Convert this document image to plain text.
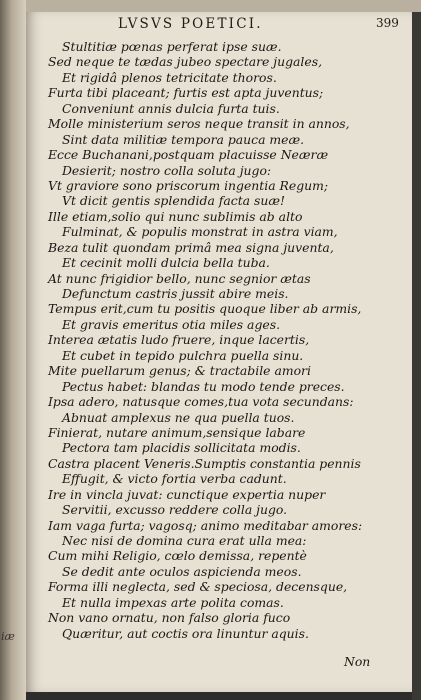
iæ
LVSVS POETICI.	399
Stultitiæ pœnas perferat ipse suæ.
Sed neque te tædas jubeo spectare jugales,
Et rigidâ plenos tetricitate thoros.
Furta tibi placeant; furtis est apta juventus;
Conveniunt annis dulcia furta tuis.
Molle ministerium seros neque transit in annos,
Sint data militiæ tempora pauca meæ.
Ecce Buchanani,postquam placuisse Neæræ
Desierit; nostro colla soluta jugo:
Vt graviore sono priscorum ingentia Regum;
Vt dicit gentis splendida facta suæ!
Ille etiam,solio qui nunc sublimis ab alto
Fulminat, & populis monstrat in astra viam,
Beza tulit quondam primâ mea signa juventa,
Et cecinit molli dulcia bella tuba.
At nunc frigidior bello, nunc segnior ætas
Defunctum castris jussit abire meis.
Tempus erit,cum tu positis quoque liber ab armis,
Et gravis emeritus otia miles ages.
Interea ætatis ludo fruere, inque lacertis,
Et cubet in tepido pulchra puella sinu.
Mite puellarum genus; & tractabile amori
Pectus habet: blandas tu modo tende preces.
Ipsa adero, natusque comes,tua vota secundans:
Abnuat amplexus ne qua puella tuos.
Finierat, nutare animum,sensique labare
Pectora tam placidis sollicitata modis.
Castra placent Veneris.Sumptis constantia pennis
Effugit, & victo fortia verba cadunt.
Ire in vincla juvat: cunctique expertia nuper
Servitii, excusso reddere colla jugo.
Iam vaga furta; vagosq; animo meditabar amores:
Nec nisi de domina cura erat ulla mea:
Cum mihi Religio, cœlo demissa, repentè
Se dedit ante oculos aspicienda meos.
Forma illi neglecta, sed & speciosa, decensque,
Et nulla impexas arte polita comas.
Non vano ornatu, non falso gloria fuco
Quæritur, aut coctis ora linuntur aquis.
Non
